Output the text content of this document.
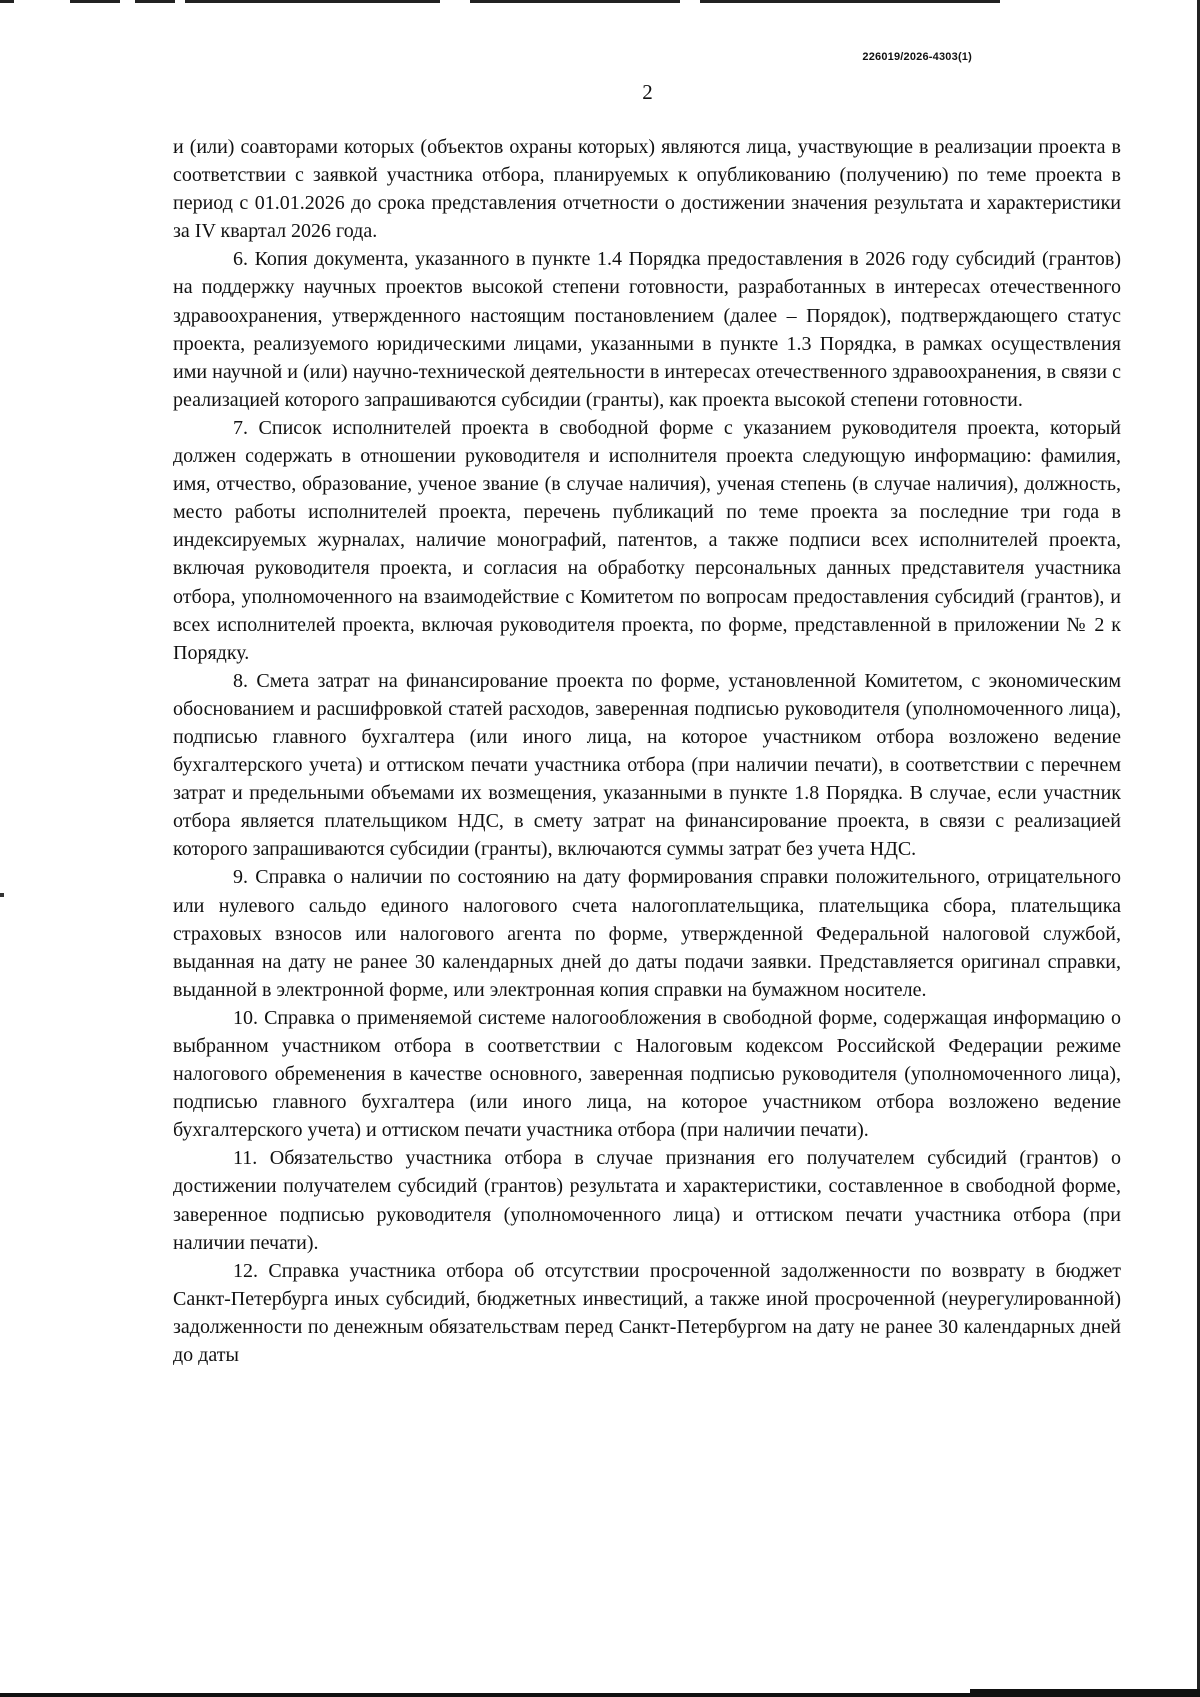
226019/2026-4303(1)
2

и (или) соавторами которых (объектов охраны которых) являются лица, участвующие в реализации проекта в соответствии с заявкой участника отбора, планируемых к опубликованию (получению) по теме проекта в период с 01.01.2026 до срока представления отчетности о достижении значения результата и характеристики за IV квартал 2026 года.

6. Копия документа, указанного в пункте 1.4 Порядка предоставления в 2026 году субсидий (грантов) на поддержку научных проектов высокой степени готовности, разработанных в интересах отечественного здравоохранения, утвержденного настоящим постановлением (далее – Порядок), подтверждающего статус проекта, реализуемого юридическими лицами, указанными в пункте 1.3 Порядка, в рамках осуществления ими научной и (или) научно-технической деятельности в интересах отечественного здравоохранения, в связи с реализацией которого запрашиваются субсидии (гранты), как проекта высокой степени готовности.

7. Список исполнителей проекта в свободной форме с указанием руководителя проекта, который должен содержать в отношении руководителя и исполнителя проекта следующую информацию: фамилия, имя, отчество, образование, ученое звание (в случае наличия), ученая степень (в случае наличия), должность, место работы исполнителей проекта, перечень публикаций по теме проекта за последние три года в индексируемых журналах, наличие монографий, патентов, а также подписи всех исполнителей проекта, включая руководителя проекта, и согласия на обработку персональных данных представителя участника отбора, уполномоченного на взаимодействие с Комитетом по вопросам предоставления субсидий (грантов), и всех исполнителей проекта, включая руководителя проекта, по форме, представленной в приложении № 2 к Порядку.

8. Смета затрат на финансирование проекта по форме, установленной Комитетом, с экономическим обоснованием и расшифровкой статей расходов, заверенная подписью руководителя (уполномоченного лица), подписью главного бухгалтера (или иного лица, на которое участником отбора возложено ведение бухгалтерского учета) и оттиском печати участника отбора (при наличии печати), в соответствии с перечнем затрат и предельными объемами их возмещения, указанными в пункте 1.8 Порядка. В случае, если участник отбора является плательщиком НДС, в смету затрат на финансирование проекта, в связи с реализацией которого запрашиваются субсидии (гранты), включаются суммы затрат без учета НДС.

9. Справка о наличии по состоянию на дату формирования справки положительного, отрицательного или нулевого сальдо единого налогового счета налогоплательщика, плательщика сбора, плательщика страховых взносов или налогового агента по форме, утвержденной Федеральной налоговой службой, выданная на дату не ранее 30 календарных дней до даты подачи заявки. Представляется оригинал справки, выданной в электронной форме, или электронная копия справки на бумажном носителе.

10. Справка о применяемой системе налогообложения в свободной форме, содержащая информацию о выбранном участником отбора в соответствии с Налоговым кодексом Российской Федерации режиме налогового обременения в качестве основного, заверенная подписью руководителя (уполномоченного лица), подписью главного бухгалтера (или иного лица, на которое участником отбора возложено ведение бухгалтерского учета) и оттиском печати участника отбора (при наличии печати).

11. Обязательство участника отбора в случае признания его получателем субсидий (грантов) о достижении получателем субсидий (грантов) результата и характеристики, составленное в свободной форме, заверенное подписью руководителя (уполномоченного лица) и оттиском печати участника отбора (при наличии печати).

12. Справка участника отбора об отсутствии просроченной задолженности по возврату в бюджет Санкт-Петербурга иных субсидий, бюджетных инвестиций, а также иной просроченной (неурегулированной) задолженности по денежным обязательствам перед Санкт-Петербургом на дату не ранее 30 календарных дней до даты
